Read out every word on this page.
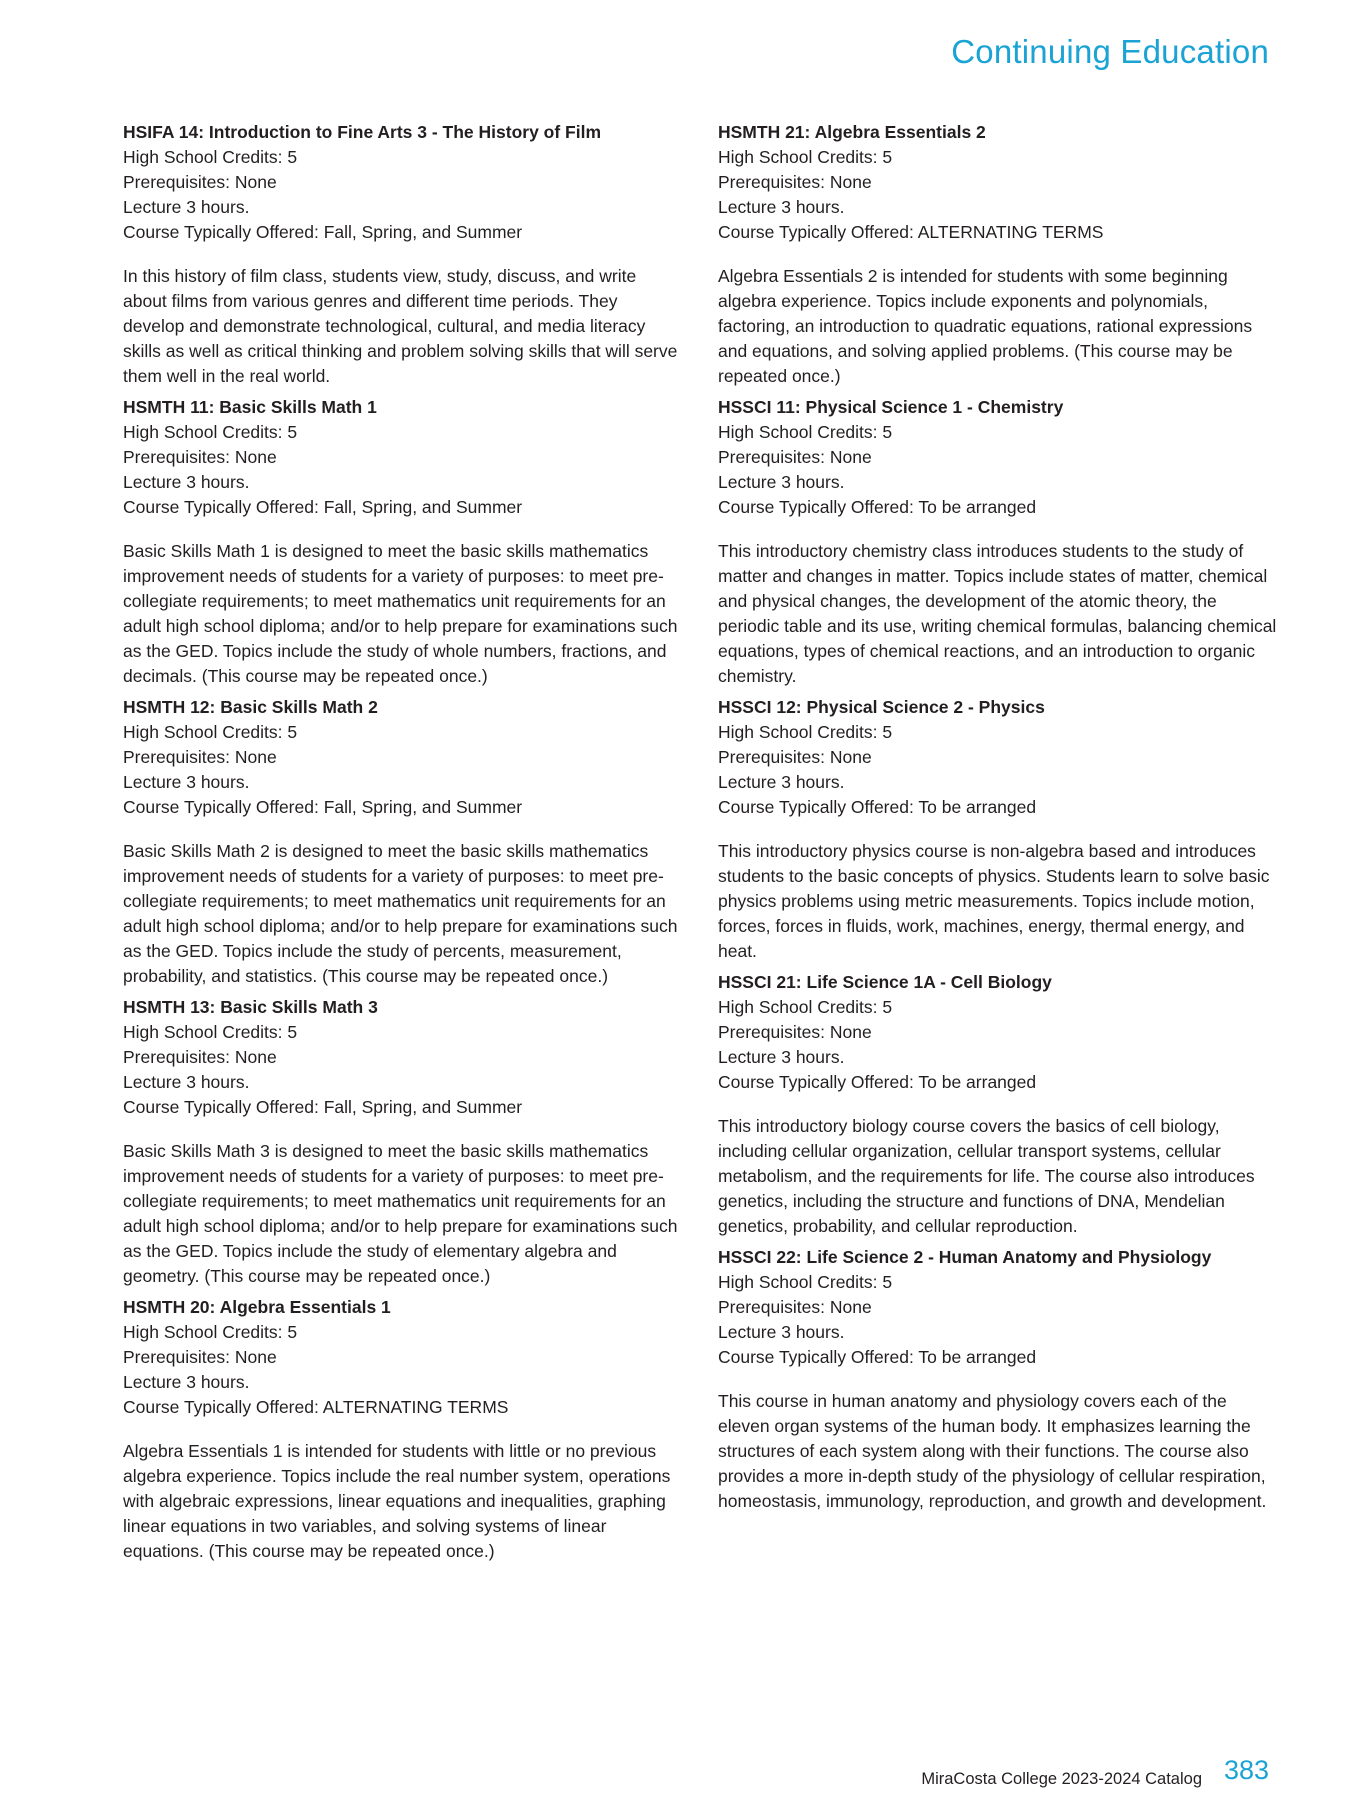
Continuing Education
HSIFA 14: Introduction to Fine Arts 3 - The History of Film
High School Credits: 5
Prerequisites: None
Lecture 3 hours.
Course Typically Offered: Fall, Spring, and Summer
In this history of film class, students view, study, discuss, and write about films from various genres and different time periods. They develop and demonstrate technological, cultural, and media literacy skills as well as critical thinking and problem solving skills that will serve them well in the real world.
HSMTH 11: Basic Skills Math 1
High School Credits: 5
Prerequisites: None
Lecture 3 hours.
Course Typically Offered: Fall, Spring, and Summer
Basic Skills Math 1 is designed to meet the basic skills mathematics improvement needs of students for a variety of purposes: to meet pre-collegiate requirements; to meet mathematics unit requirements for an adult high school diploma; and/or to help prepare for examinations such as the GED. Topics include the study of whole numbers, fractions, and decimals. (This course may be repeated once.)
HSMTH 12: Basic Skills Math 2
High School Credits: 5
Prerequisites: None
Lecture 3 hours.
Course Typically Offered: Fall, Spring, and Summer
Basic Skills Math 2 is designed to meet the basic skills mathematics improvement needs of students for a variety of purposes: to meet pre-collegiate requirements; to meet mathematics unit requirements for an adult high school diploma; and/or to help prepare for examinations such as the GED. Topics include the study of percents, measurement, probability, and statistics. (This course may be repeated once.)
HSMTH 13: Basic Skills Math 3
High School Credits: 5
Prerequisites: None
Lecture 3 hours.
Course Typically Offered: Fall, Spring, and Summer
Basic Skills Math 3 is designed to meet the basic skills mathematics improvement needs of students for a variety of purposes: to meet pre-collegiate requirements; to meet mathematics unit requirements for an adult high school diploma; and/or to help prepare for examinations such as the GED. Topics include the study of elementary algebra and geometry. (This course may be repeated once.)
HSMTH 20: Algebra Essentials 1
High School Credits: 5
Prerequisites: None
Lecture 3 hours.
Course Typically Offered: ALTERNATING TERMS
Algebra Essentials 1 is intended for students with little or no previous algebra experience. Topics include the real number system, operations with algebraic expressions, linear equations and inequalities, graphing linear equations in two variables, and solving systems of linear equations. (This course may be repeated once.)
HSMTH 21: Algebra Essentials 2
High School Credits: 5
Prerequisites: None
Lecture 3 hours.
Course Typically Offered: ALTERNATING TERMS
Algebra Essentials 2 is intended for students with some beginning algebra experience. Topics include exponents and polynomials, factoring, an introduction to quadratic equations, rational expressions and equations, and solving applied problems. (This course may be repeated once.)
HSSCI 11: Physical Science 1 - Chemistry
High School Credits: 5
Prerequisites: None
Lecture 3 hours.
Course Typically Offered: To be arranged
This introductory chemistry class introduces students to the study of matter and changes in matter. Topics include states of matter, chemical and physical changes, the development of the atomic theory, the periodic table and its use, writing chemical formulas, balancing chemical equations, types of chemical reactions, and an introduction to organic chemistry.
HSSCI 12: Physical Science 2 - Physics
High School Credits: 5
Prerequisites: None
Lecture 3 hours.
Course Typically Offered: To be arranged
This introductory physics course is non-algebra based and introduces students to the basic concepts of physics. Students learn to solve basic physics problems using metric measurements. Topics include motion, forces, forces in fluids, work, machines, energy, thermal energy, and heat.
HSSCI 21: Life Science 1A - Cell Biology
High School Credits: 5
Prerequisites: None
Lecture 3 hours.
Course Typically Offered: To be arranged
This introductory biology course covers the basics of cell biology, including cellular organization, cellular transport systems, cellular metabolism, and the requirements for life. The course also introduces genetics, including the structure and functions of DNA, Mendelian genetics, probability, and cellular reproduction.
HSSCI 22: Life Science 2 - Human Anatomy and Physiology
High School Credits: 5
Prerequisites: None
Lecture 3 hours.
Course Typically Offered: To be arranged
This course in human anatomy and physiology covers each of the eleven organ systems of the human body. It emphasizes learning the structures of each system along with their functions. The course also provides a more in-depth study of the physiology of cellular respiration, homeostasis, immunology, reproduction, and growth and development.
MiraCosta College 2023-2024 Catalog 383
